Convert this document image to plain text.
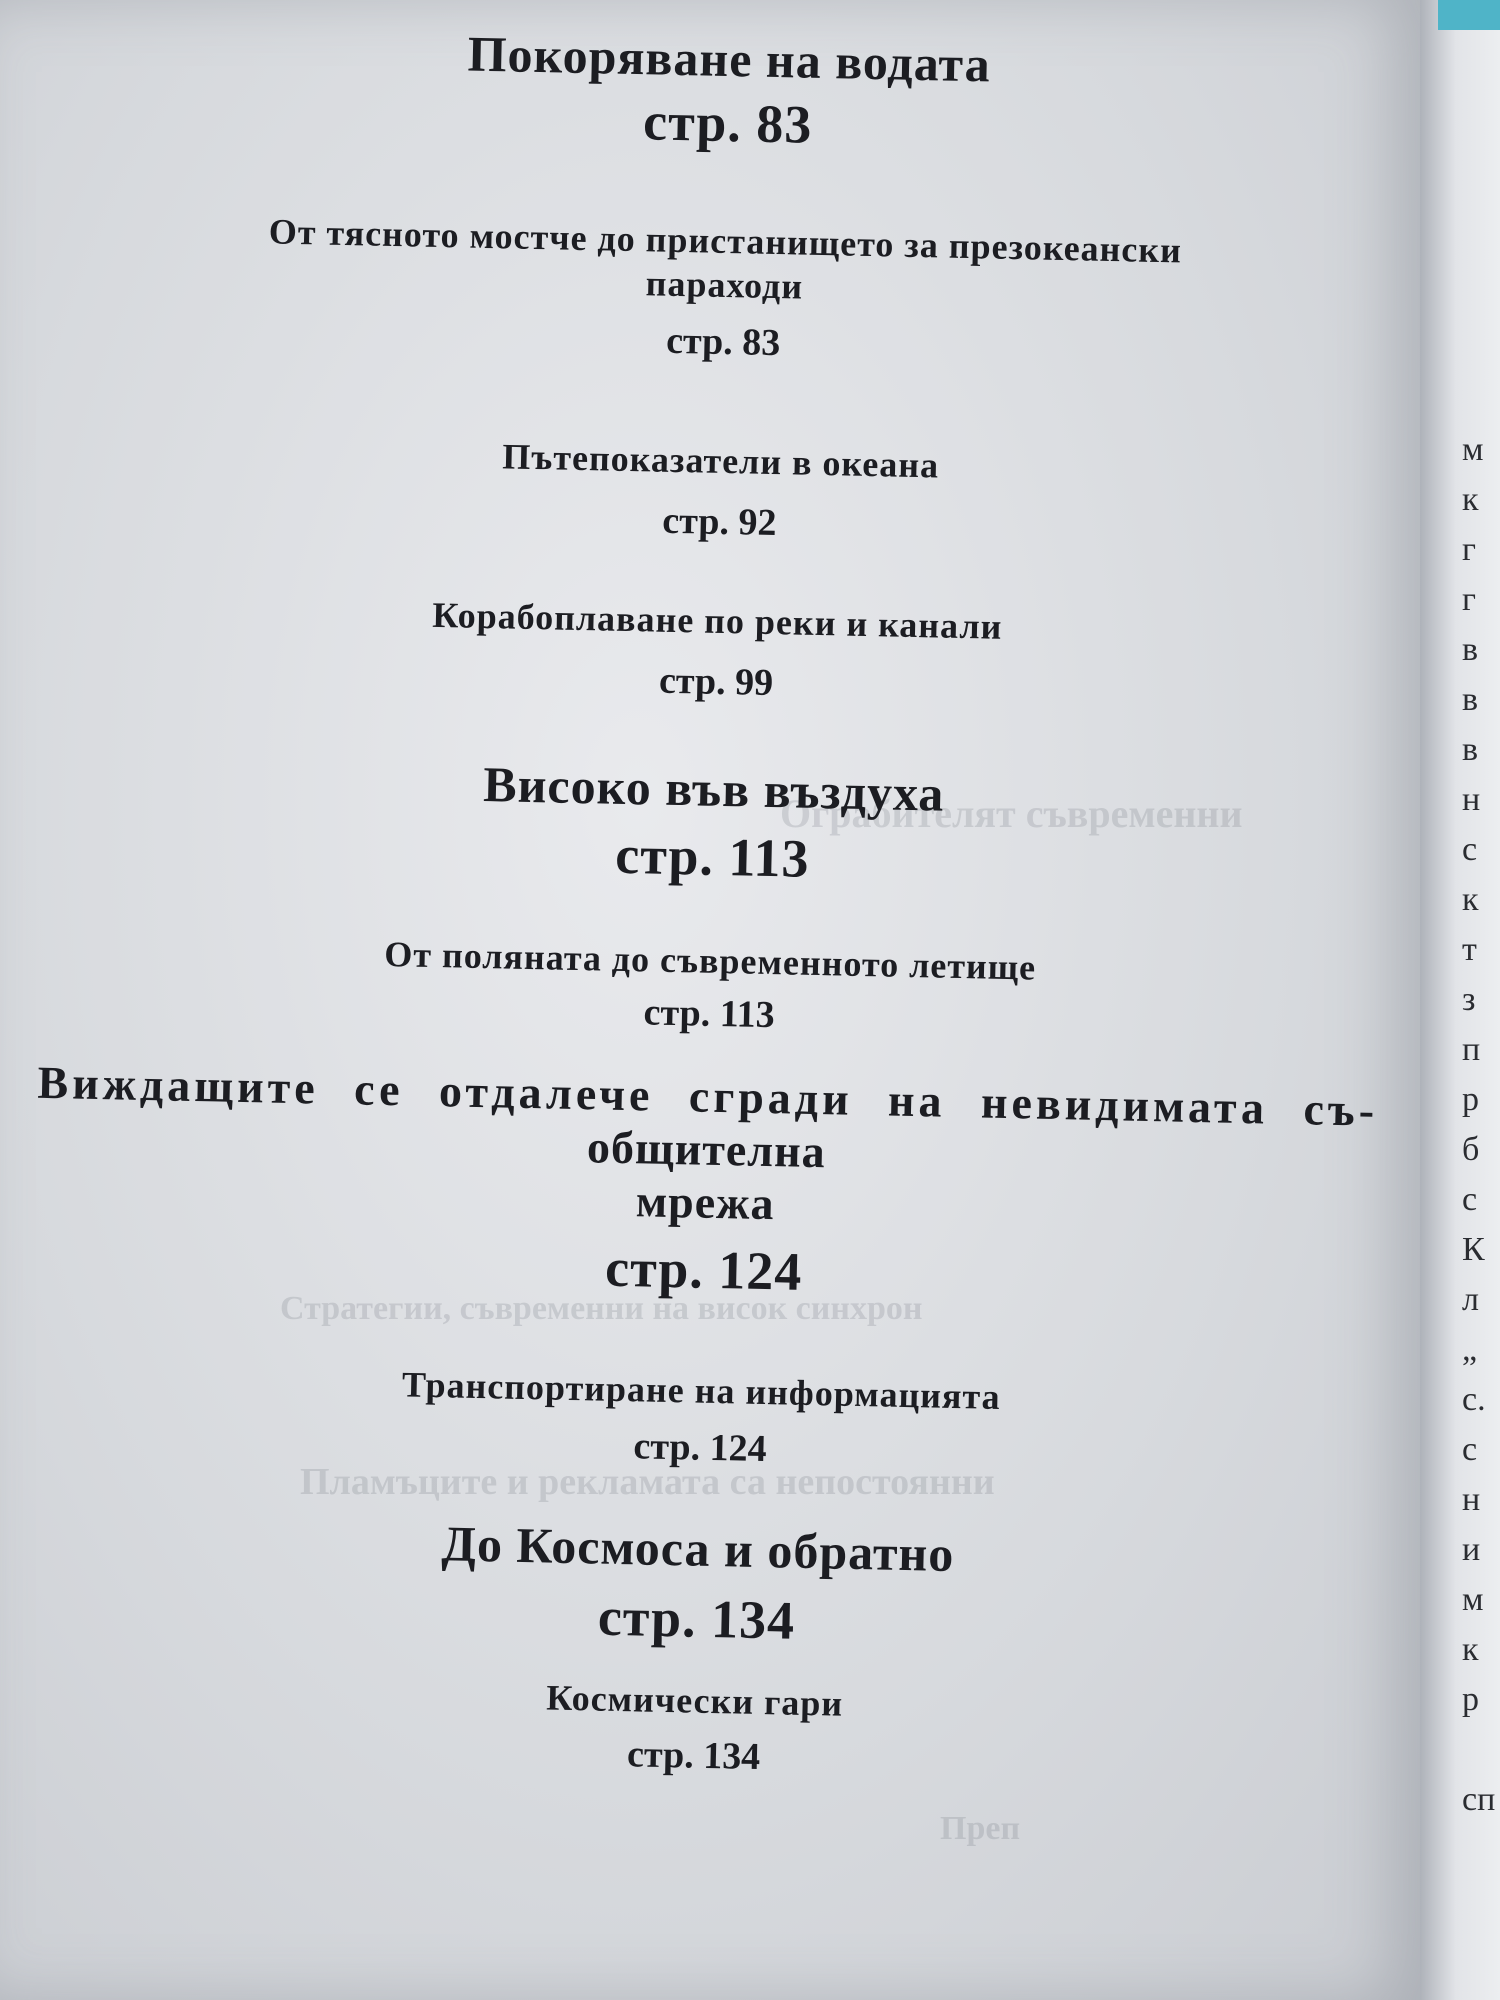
Ограбителят съвременни
Стратегии, съвременни на висок синхрон
Пламъците и рекламата са непостоянни
Преп
Покоряване на водата
стр. 83
От тясното мостче до пристанището за презокеански
параходи
стр. 83
Пътепоказатели в океана
стр. 92
Корабоплаване по реки и канали
стр. 99
Високо във въздуха
стр. 113
От поляната до съвременното летище
стр. 113
Виждащите се отдалече сгради на невидимата съ-
общителна
мрежа
стр. 124
Транспортиране на информацията
стр. 124
До Космоса и обратно
стр. 134
Космически гари
стр. 134
м
к
г
г
в
в
в
н
с
к
т
з
п
р
б
с
К
л
„
с.
с
н
и
м
к
р
сп
